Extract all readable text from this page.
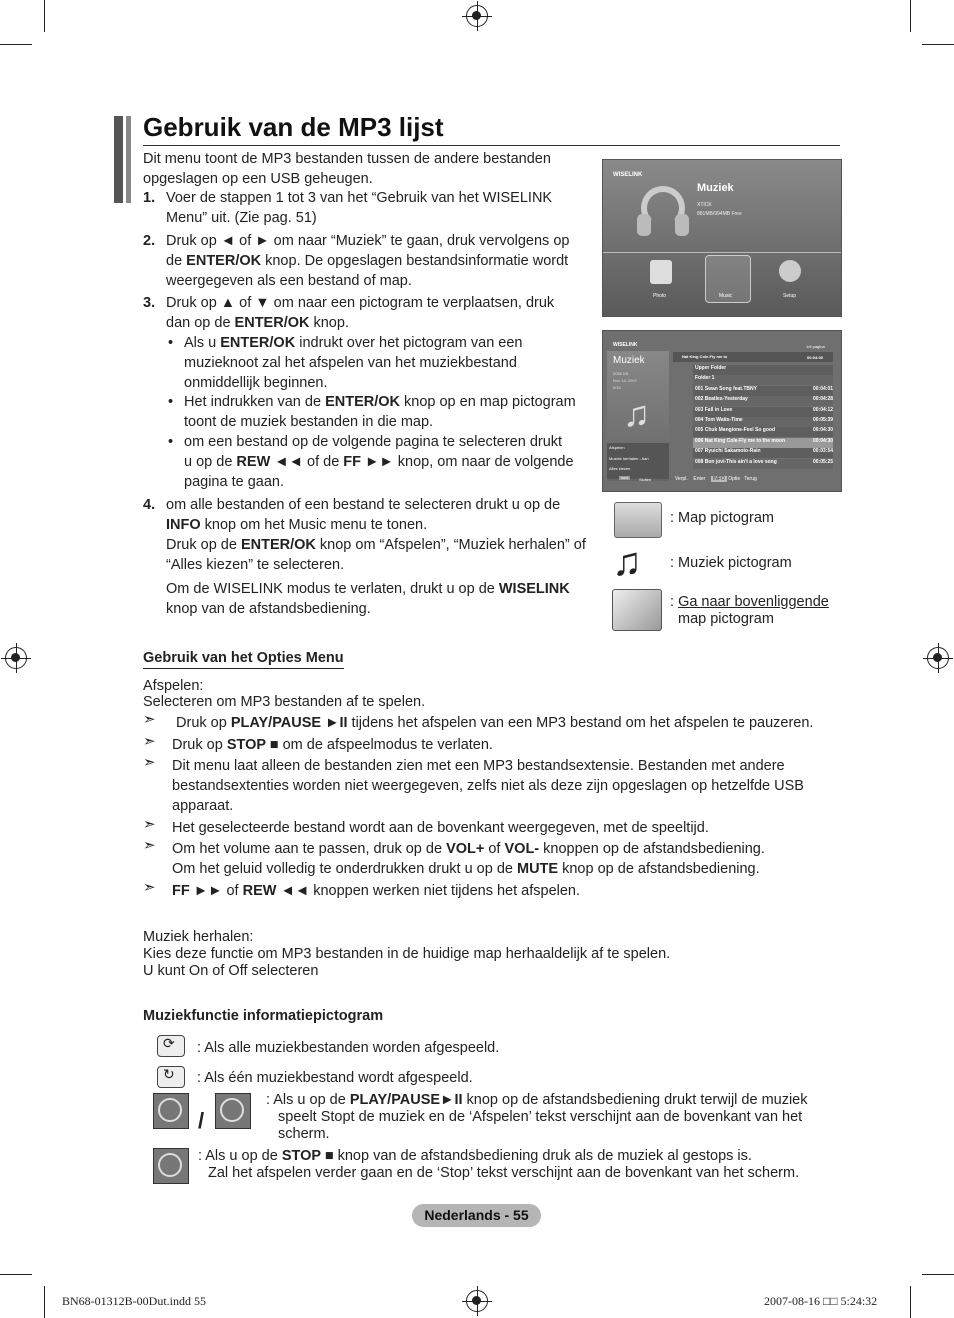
Gebruik van de MP3 lijst
Dit menu toont de MP3 bestanden tussen de andere bestanden opgeslagen op een USB geheugen.
1. Voer de stappen 1 tot 3 van het “Gebruik van het WISELINK
Menu” uit. (Zie pag. 51)
2. Druk op ◄ of ► om naar “Muziek” te gaan, druk vervolgens op
de ENTER/OK knop. De opgeslagen bestandsinformatie wordt
weergegeven als een bestand of map.
3. Druk op ▲ of ▼ om naar een pictogram te verplaatsen, druk
dan op de ENTER/OK knop.
• Als u ENTER/OK indrukt over het pictogram van een
muzieknoot zal het afspelen van het muziekbestand
onmiddellijk beginnen.
• Het indrukken van de ENTER/OK knop op en map pictogram
toont de muziek bestanden in die map.
• om een bestand op de volgende pagina te selecteren drukt
u op de REW ◄◄ of de FF ►► knop, om naar de volgende
pagina te gaan.
4. om alle bestanden of een bestand te selecteren drukt u op de
INFO knop om het Music menu te tonen.
Druk op de ENTER/OK knop om “Afspelen”, “Muziek herhalen” of
“Alles kiezen” te selecteren.
Om de WISELINK modus te verlaten, drukt u op de WISELINK
knop van de afstandsbediening.
WISELINK
Muziek
XTICK
881MB/994MB Free
Photo	Music	Setup
WISELINK	1/6 pagina
Muziek
5058 KB
Nov 14, 2007
6/16
♫
Afspelen
Muziek herhalen : Aan
Alles kiezen
INFO	Sluiten
Nat King Cole-Fly me to	00:04:00
Upper Folder
Folder 1
001 Swan Song feat.TBNY	00:04:01
002 Beatles-Yesterday	00:04:28
003 Fall in Love	00:04:12
004 Tom Waits-Time	00:05:39
005 Chuk Mangione-Feel So good	00:04:30
006 Nat King Cole-Fly me to the moon	00:04:30
007 Ryuichi Sakamoto-Rain	00:03:54
008 Bon jovi-This ain't a love song	00:05:25
Verpl. Enter INFO Optie Terug
: Map pictogram
♫ : Muziek pictogram
: Ga naar bovenliggende
map pictogram
Gebruik van het Opties Menu
Afspelen:
Selecteren om MP3 bestanden af te spelen.
➣ Druk op PLAY/PAUSE ►II tijdens het afspelen van een MP3 bestand om het afspelen te pauzeren.
➣ Druk op STOP ■ om de afspeelmodus te verlaten.
➣ Dit menu laat alleen de bestanden zien met een MP3 bestandsextensie. Bestanden met andere
bestandsextenties worden niet weergegeven, zelfs niet als deze zijn opgeslagen op hetzelfde USB
apparaat.
➣ Het geselecteerde bestand wordt aan de bovenkant weergegeven, met de speeltijd.
➣ Om het volume aan te passen, druk op de VOL+ of VOL- knoppen op de afstandsbediening.
Om het geluid volledig te onderdrukken drukt u op de MUTE knop op de afstandsbediening.
➣ FF ►► of REW ◄◄ knoppen werken niet tijdens het afspelen.
Muziek herhalen:
Kies deze functie om MP3 bestanden in de huidige map herhaaldelijk af te spelen.
U kunt On of Off selecteren
Muziekfunctie informatiepictogram
⟳ : Als alle muziekbestanden worden afgespeeld.
↻ : Als één muziekbestand wordt afgespeeld.
/
: Als u op de PLAY/PAUSE►II knop op de afstandsbediening drukt terwijl de muziek
speelt Stopt de muziek en de ‘Afspelen’ tekst verschijnt aan de bovenkant van het
scherm.
: Als u op de STOP ■ knop van de afstandsbediening druk als de muziek al gestops is.
Zal het afspelen verder gaan en de ‘Stop’ tekst verschijnt aan de bovenkant van het scherm.
Nederlands - 55
BN68-01312B-00Dut.indd 55	2007-08-16 □□ 5:24:32
